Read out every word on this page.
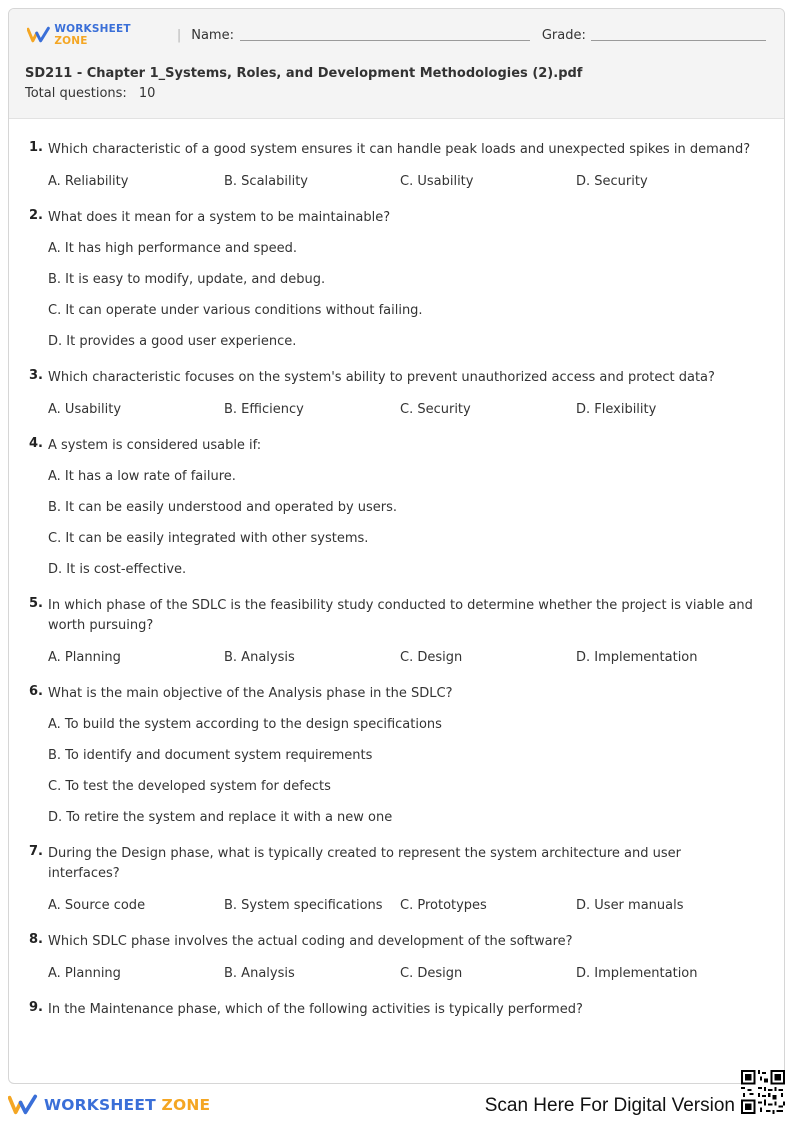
WORKSHEET ZONE	| Name:	Grade:
SD211 - Chapter 1_Systems, Roles, and Development Methodologies (2).pdf
Total questions: 10
1. Which characteristic of a good system ensures it can handle peak loads and unexpected spikes in demand?
A. Reliability	B. Scalability	C. Usability	D. Security
2. What does it mean for a system to be maintainable?
A. It has high performance and speed.
B. It is easy to modify, update, and debug.
C. It can operate under various conditions without failing.
D. It provides a good user experience.
3. Which characteristic focuses on the system's ability to prevent unauthorized access and protect data?
A. Usability	B. Efficiency	C. Security	D. Flexibility
4. A system is considered usable if:
A. It has a low rate of failure.
B. It can be easily understood and operated by users.
C. It can be easily integrated with other systems.
D. It is cost-effective.
5. In which phase of the SDLC is the feasibility study conducted to determine whether the project is viable and worth pursuing?
A. Planning	B. Analysis	C. Design	D. Implementation
6. What is the main objective of the Analysis phase in the SDLC?
A. To build the system according to the design specifications
B. To identify and document system requirements
C. To test the developed system for defects
D. To retire the system and replace it with a new one
7. During the Design phase, what is typically created to represent the system architecture and user interfaces?
A. Source code	B. System specifications	C. Prototypes	D. User manuals
8. Which SDLC phase involves the actual coding and development of the software?
A. Planning	B. Analysis	C. Design	D. Implementation
9. In the Maintenance phase, which of the following activities is typically performed?
WORKSHEET ZONE	Scan Here For Digital Version
